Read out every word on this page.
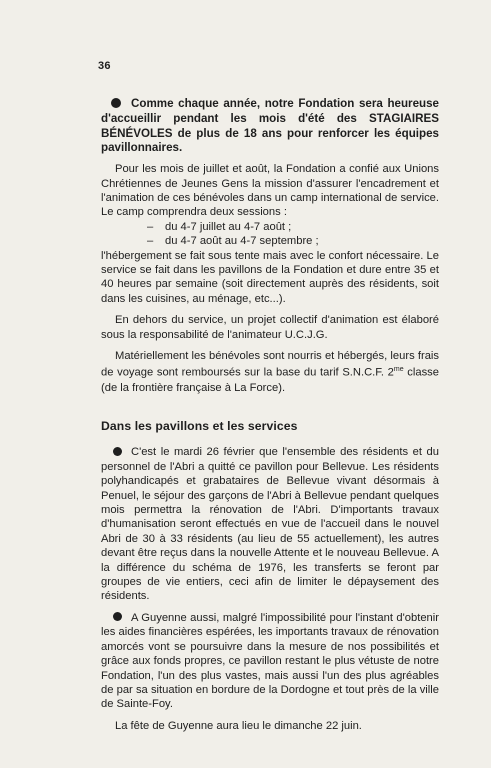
36

Comme chaque année, notre Fondation sera heureuse d'accueillir pendant les mois d'été des STAGIAIRES BÉNÉVOLES de plus de 18 ans pour renforcer les équipes pavillonnaires.

Pour les mois de juillet et août, la Fondation a confié aux Unions Chrétiennes de Jeunes Gens la mission d'assurer l'encadrement et l'animation de ces bénévoles dans un camp international de service. Le camp comprendra deux sessions :

– du 4-7 juillet au 4-7 août ;
– du 4-7 août au 4-7 septembre ;

l'hébergement se fait sous tente mais avec le confort nécessaire. Le service se fait dans les pavillons de la Fondation et dure entre 35 et 40 heures par semaine (soit directement auprès des résidents, soit dans les cuisines, au ménage, etc...).

En dehors du service, un projet collectif d'animation est élaboré sous la responsabilité de l'animateur U.C.J.G.

Matériellement les bénévoles sont nourris et hébergés, leurs frais de voyage sont remboursés sur la base du tarif S.N.C.F. $2^{me}$ classe (de la frontière française à La Force).

Dans les pavillons et les services

C'est le mardi 26 février que l'ensemble des résidents et du personnel de l'Abri a quitté ce pavillon pour Bellevue. Les résidents polyhandicapés et grabataires de Bellevue vivant désormais à Penuel, le séjour des garçons de l'Abri à Bellevue pendant quelques mois permettra la rénovation de l'Abri. D'importants travaux d'humanisation seront effectués en vue de l'accueil dans le nouvel Abri de 30 à 33 résidents (au lieu de 55 actuellement), les autres devant être reçus dans la nouvelle Attente et le nouveau Bellevue. A la différence du schéma de 1976, les transferts se feront par groupes de vie entiers, ceci afin de limiter le dépaysement des résidents.

A Guyenne aussi, malgré l'impossibilité pour l'instant d'obtenir les aides financières espérées, les importants travaux de rénovation amorcés vont se poursuivre dans la mesure de nos possibilités et grâce aux fonds propres, ce pavillon restant le plus vétuste de notre Fondation, l'un des plus vastes, mais aussi l'un des plus agréables de par sa situation en bordure de la Dordogne et tout près de la ville de Sainte-Foy.

La fête de Guyenne aura lieu le dimanche 22 juin.
